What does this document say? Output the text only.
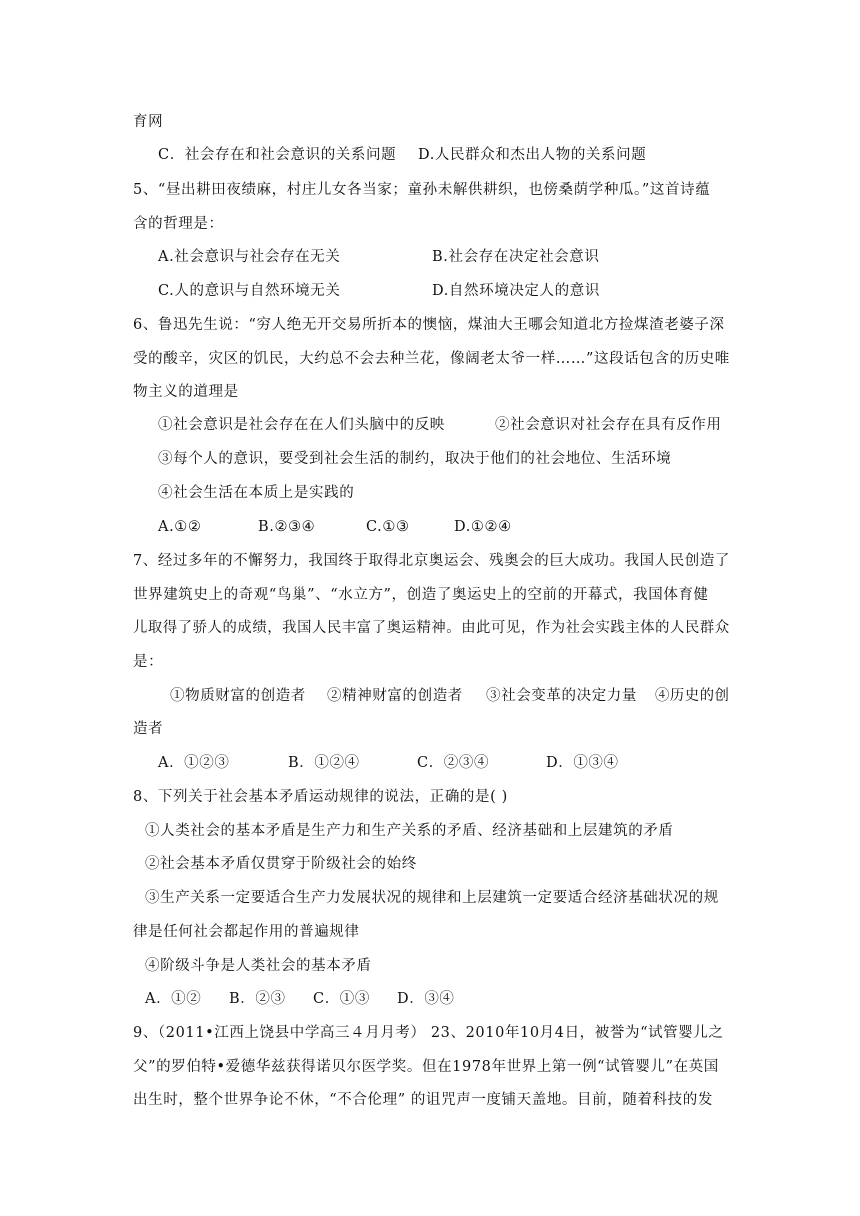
育网
C．社会存在和社会意识的关系问题
5、“昼出耕田夜绩麻，村庄儿女各当家；童孙未解供耕织，也傍桑荫学种瓜。”这首诗蕴
含的哲理是：
6、鲁迅先生说：“穷人绝无开交易所折本的懊恼，煤油大王哪会知道北方捡煤渣老婆子深
受的酸辛，灾区的饥民，大约总不会去种兰花，像阔老太爷一样……”这段话包含的历史唯
物主义的道理是
③每个人的意识，要受到社会生活的制约，取决于他们的社会地位、生活环境
④社会生活在本质上是实践的
7、经过多年的不懈努力，我国终于取得北京奥运会、残奥会的巨大成功。我国人民创造了
世界建筑史上的奇观“鸟巢”、“水立方”，创造了奥运史上的空前的开幕式，我国体育健
儿取得了骄人的成绩，我国人民丰富了奥运精神。由此可见，作为社会实践主体的人民群众
是：
造者
8、下列关于社会基本矛盾运动规律的说法，正确的是( )
①人类社会的基本矛盾是生产力和生产关系的矛盾、经济基础和上层建筑的矛盾
②社会基本矛盾仅贯穿于阶级社会的始终
③生产关系一定要适合生产力发展状况的规律和上层建筑一定要适合经济基础状况的规
律是任何社会都起作用的普遍规律
④阶级斗争是人类社会的基本矛盾
9、（2011•江西上饶县中学高三４月月考） 23、2010年10月4日，被誉为“试管婴儿之
父”的罗伯特•爱德华兹获得诺贝尔医学奖。但在1978年世界上第一例“试管婴儿”在英国
出生时，整个世界争论不休，“不合伦理” 的诅咒声一度铺天盖地。目前，随着科技的发
D.人民群众和杰出人物的关系问题
A.社会意识与社会存在无关	B.社会存在决定社会意识
C.人的意识与自然环境无关	D.自然环境决定人的意识
①社会意识是社会存在在人们头脑中的反映	②社会意识对社会存在具有反作用
A.①②	B.②③④	C.①③	D.①②④
①物质财富的创造者 ②精神财富的创造者 ③社会变革的决定力量 ④历史的创
A．①②③	B．①②④	C．②③④	D．①③④
A．①② B．②③ C．①③ D．③④
